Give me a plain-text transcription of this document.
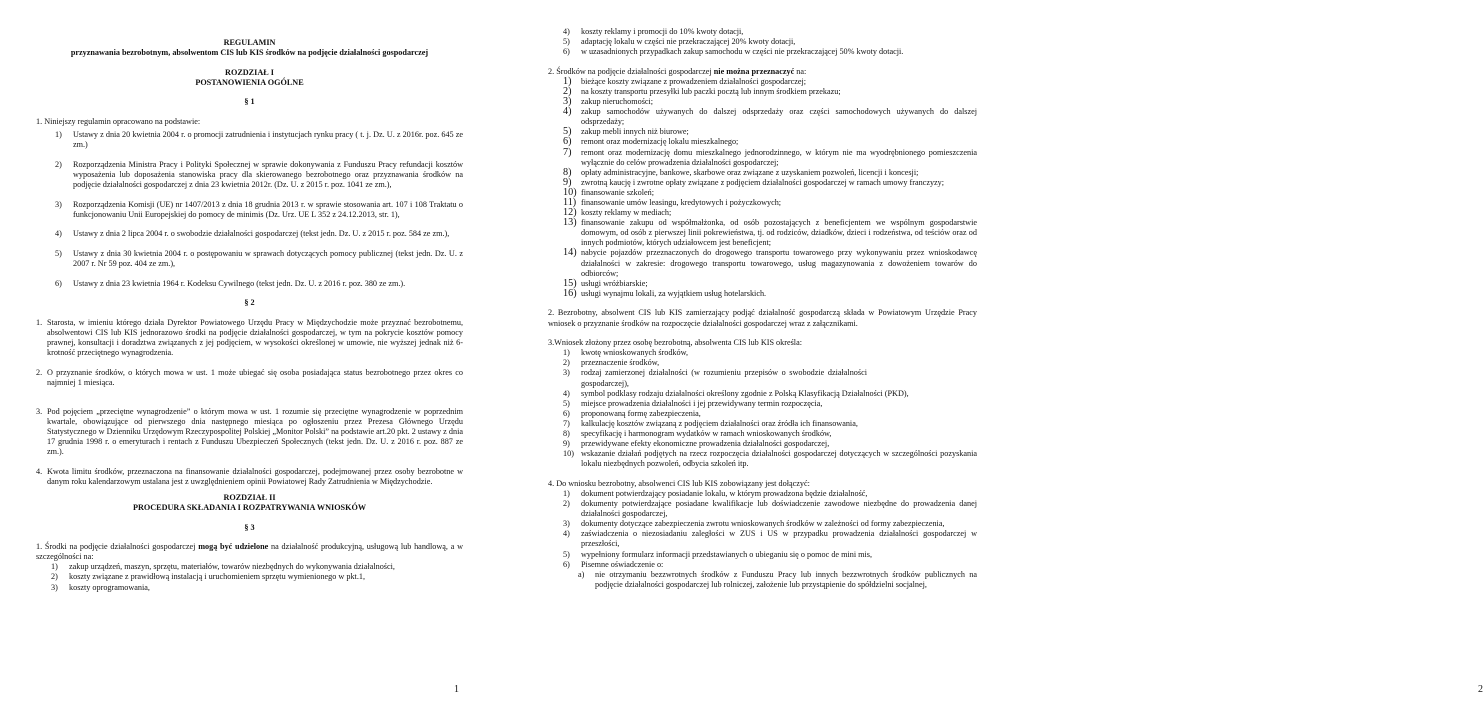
REGULAMIN
przyznawania bezrobotnym, absolwentom CIS lub KIS środków na podjęcie działalności gospodarczej
ROZDZIAŁ I
POSTANOWIENIA OGÓLNE
§ 1
1. Niniejszy regulamin opracowano na podstawie:
1)	Ustawy z dnia 20 kwietnia 2004 r. o promocji zatrudnienia i instytucjach rynku pracy ( t. j. Dz. U. z 2016r. poz. 645 ze zm.)
2)	Rozporządzenia Ministra Pracy i Polityki Społecznej w sprawie dokonywania z Funduszu Pracy refundacji kosztów wyposażenia lub doposażenia stanowiska pracy dla skierowanego bezrobotnego oraz przyznawania środków na podjęcie działalności gospodarczej z dnia 23 kwietnia 2012r. (Dz. U. z 2015 r. poz. 1041 ze zm.),
3)	Rozporządzenia Komisji (UE) nr 1407/2013 z dnia 18 grudnia 2013 r. w sprawie stosowania art. 107 i 108 Traktatu o funkcjonowaniu Unii Europejskiej do pomocy de minimis (Dz. Urz. UE L 352 z 24.12.2013, str. 1),
4)	Ustawy z dnia 2 lipca 2004 r. o swobodzie działalności gospodarczej (tekst jedn. Dz. U. z 2015 r. poz. 584 ze zm.),
5)	Ustawy z dnia 30 kwietnia 2004 r. o postępowaniu w sprawach dotyczących pomocy publicznej (tekst jedn. Dz. U. z 2007 r. Nr 59 poz. 404 ze zm.),
6)	Ustawy z dnia 23 kwietnia 1964 r. Kodeksu Cywilnego (tekst jedn. Dz. U. z 2016 r. poz. 380 ze zm.).
§ 2
1. Starosta, w imieniu którego działa Dyrektor Powiatowego Urzędu Pracy w Międzychodzie może przyznać bezrobotnemu, absolwentowi CIS lub KIS jednorazowo środki na podjęcie działalności gospodarczej, w tym na pokrycie kosztów pomocy prawnej, konsultacji i doradztwa związanych z jej podjęciem, w wysokości określonej w umowie, nie wyższej jednak niż 6-krotność przeciętnego wynagrodzenia.
2. O przyznanie środków, o których mowa w ust. 1 może ubiegać się osoba posiadająca status bezrobotnego przez okres co najmniej 1 miesiąca.
3. Pod pojęciem „przeciętne wynagrodzenie” o którym mowa w ust. 1 rozumie się przeciętne wynagrodzenie w poprzednim kwartale, obowiązujące od pierwszego dnia następnego miesiąca po ogłoszeniu przez Prezesa Głównego Urzędu Statystycznego w Dzienniku Urzędowym Rzeczypospolitej Polskiej „Monitor Polski” na podstawie art.20 pkt. 2 ustawy z dnia 17 grudnia 1998 r. o emeryturach i rentach z Funduszu Ubezpieczeń Społecznych (tekst jedn. Dz. U. z 2016 r. poz. 887 ze zm.).
4. Kwota limitu środków, przeznaczona na finansowanie działalności gospodarczej, podejmowanej przez osoby bezrobotne w danym roku kalendarzowym ustalana jest z uwzględnieniem opinii Powiatowej Rady Zatrudnienia w Międzychodzie.
ROZDZIAŁ II
PROCEDURA SKŁADANIA I ROZPATRYWANIA WNIOSKÓW
§ 3
1. Środki na podjęcie działalności gospodarczej mogą być udzielone na działalność produkcyjną, usługową lub handlową, a w szczególności na:
1)	zakup urządzeń, maszyn, sprzętu, materiałów, towarów niezbędnych do wykonywania działalności,
2)	koszty związane z prawidłową instalacją i uruchomieniem sprzętu wymienionego w pkt.1,
3)	koszty oprogramowania,
1
4)	koszty reklamy i promocji do 10% kwoty dotacji,
5)	adaptację lokalu w części nie przekraczającej 20% kwoty dotacji,
6)	w uzasadnionych przypadkach zakup samochodu w części nie przekraczającej 50% kwoty dotacji.
2. Środków na podjęcie działalności gospodarczej nie można przeznaczyć na:
1)	bieżące koszty związane z prowadzeniem działalności gospodarczej;
2)	na koszty transportu przesyłki lub paczki pocztą lub innym środkiem przekazu;
3)	zakup nieruchomości;
4)	zakup samochodów używanych do dalszej odsprzedaży oraz części samochodowych używanych do dalszej odsprzedaży;
5)	zakup mebli innych niż biurowe;
6)	remont oraz modernizację lokalu mieszkalnego;
7)	remont oraz modernizację domu mieszkalnego jednorodzinnego, w którym nie ma wyodrębnionego pomieszczenia wyłącznie do celów prowadzenia działalności gospodarczej;
8)	opłaty administracyjne, bankowe, skarbowe oraz związane z uzyskaniem pozwoleń, licencji i koncesji;
9)	zwrotną kaucję i zwrotne opłaty związane z podjęciem działalności gospodarczej w ramach umowy franczyzy;
10) finansowanie szkoleń;
11) finansowanie umów leasingu, kredytowych i pożyczkowych;
12) koszty reklamy w mediach;
13) finansowanie zakupu od współmałżonka, od osób pozostających z beneficjentem we wspólnym gospodarstwie domowym, od osób z pierwszej linii pokrewieństwa, tj. od rodziców, dziadków, dzieci i rodzeństwa, od teściów oraz od innych podmiotów, których udziałowcem jest beneficjent;
14) nabycie pojazdów przeznaczonych do drogowego transportu towarowego przy wykonywaniu przez wnioskodawcę działalności w zakresie: drogowego transportu towarowego, usług magazynowania z dowożeniem towarów do odbiorców;
15) usługi wróżbiarskie;
16) usługi wynajmu lokali, za wyjątkiem usług hotelarskich.
2. Bezrobotny, absolwent CIS lub KIS zamierzający podjąć działalność gospodarczą składa w Powiatowym Urzędzie Pracy wniosek o przyznanie środków na rozpoczęcie działalności gospodarczej wraz z załącznikami.
3.Wniosek złożony przez osobę bezrobotną, absolwenta CIS lub KIS określa:
1)	kwotę wnioskowanych środków,
2)	przeznaczenie środków,
3)	rodzaj zamierzonej działalności (w rozumieniu przepisów o swobodzie działalności gospodarczej),
4)	symbol podklasy rodzaju działalności określony zgodnie z Polską Klasyfikacją Działalności (PKD),
5)	miejsce prowadzenia działalności i jej przewidywany termin rozpoczęcia,
6)	proponowaną formę zabezpieczenia,
7)	kalkulację kosztów związaną z podjęciem działalności oraz źródła ich finansowania,
8)	specyfikację i harmonogram wydatków w ramach wnioskowanych środków,
9)	przewidywane efekty ekonomiczne prowadzenia działalności gospodarczej,
10) wskazanie działań podjętych na rzecz rozpoczęcia działalności gospodarczej dotyczących w szczególności pozyskania lokalu niezbędnych pozwoleń, odbycia szkoleń itp.
4. Do wniosku bezrobotny, absolwenci CIS lub KIS zobowiązany jest dołączyć:
1)	dokument potwierdzający posiadanie lokalu, w którym prowadzona będzie działalność,
2)	dokumenty potwierdzające posiadane kwalifikacje lub doświadczenie zawodowe niezbędne do prowadzenia danej działalności gospodarczej,
3)	dokumenty dotyczące zabezpieczenia zwrotu wnioskowanych środków w zależności od formy zabezpieczenia,
4)	zaświadczenia o niezosiadaniu zaległości w ZUS i US w przypadku prowadzenia działalności gospodarczej w przeszłości,
5)	wypełniony formularz informacji przedstawianych o ubieganiu się o pomoc de mini mis,
6)	Pisemne oświadczenie o:
a)	nie otrzymaniu bezzwrotnych środków z Funduszu Pracy lub innych bezzwrotnych środków publicznych na podjęcie działalności gospodarczej lub rolniczej, założenie lub przystąpienie do spółdzielni socjalnej,
2
